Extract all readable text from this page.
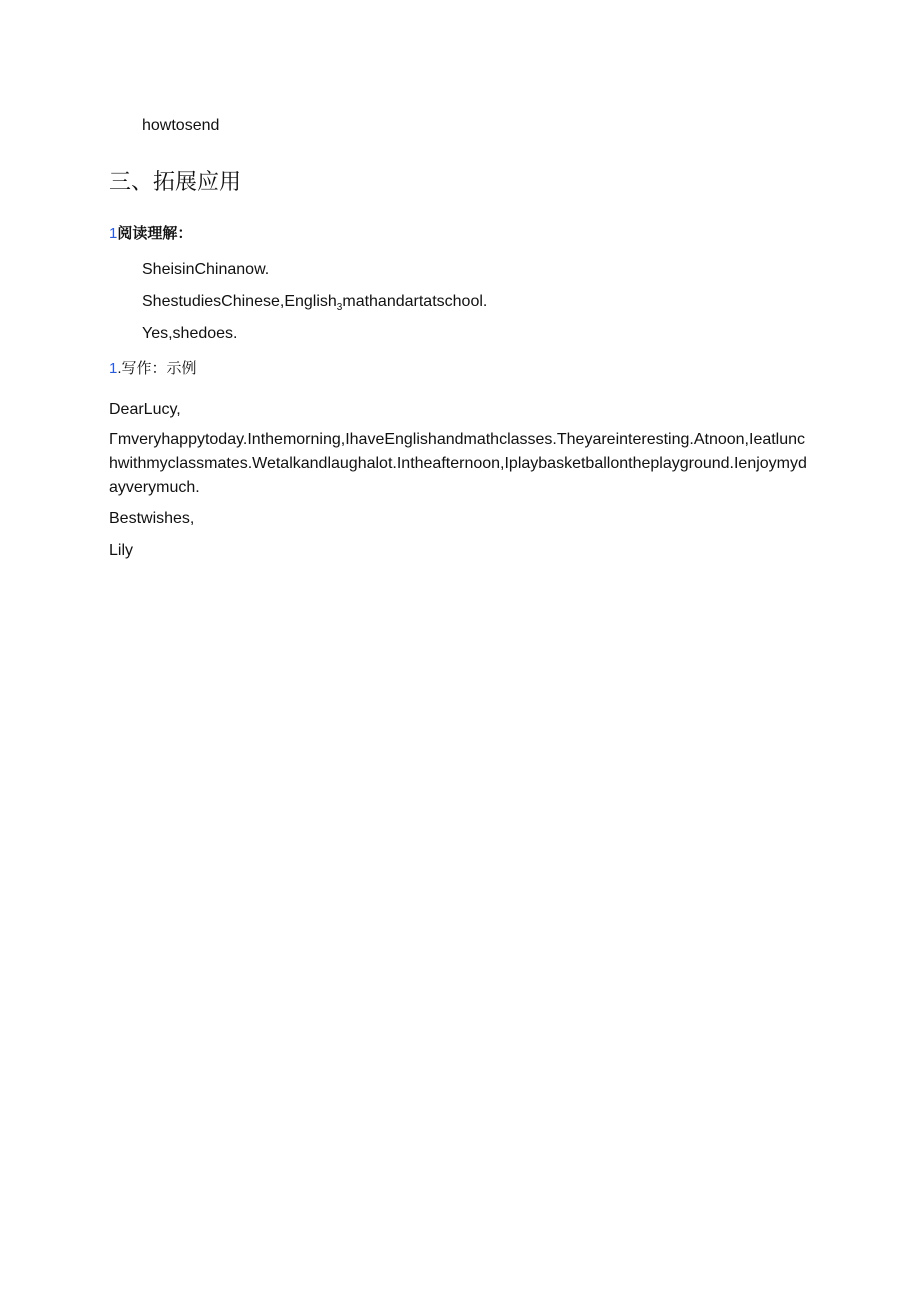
howtosend
三、拓展应用
1阅读理解：
SheisinChinanow.
ShestudiesChinese,English$_3$mathandartatschool.
Yes,shedoes.
1.写作：示例
DearLucy,
Γmveryhappytoday.Inthemorning,IhaveEnglishandmathclasses.Theyareinteresting.Atnoon,Ieatlunchwithmyclassmates.Wetalkandlaughalot.Intheafternoon,Iplaybasketballontheplayground.Ienjoymydayverymuch.
Bestwishes,
Lily
